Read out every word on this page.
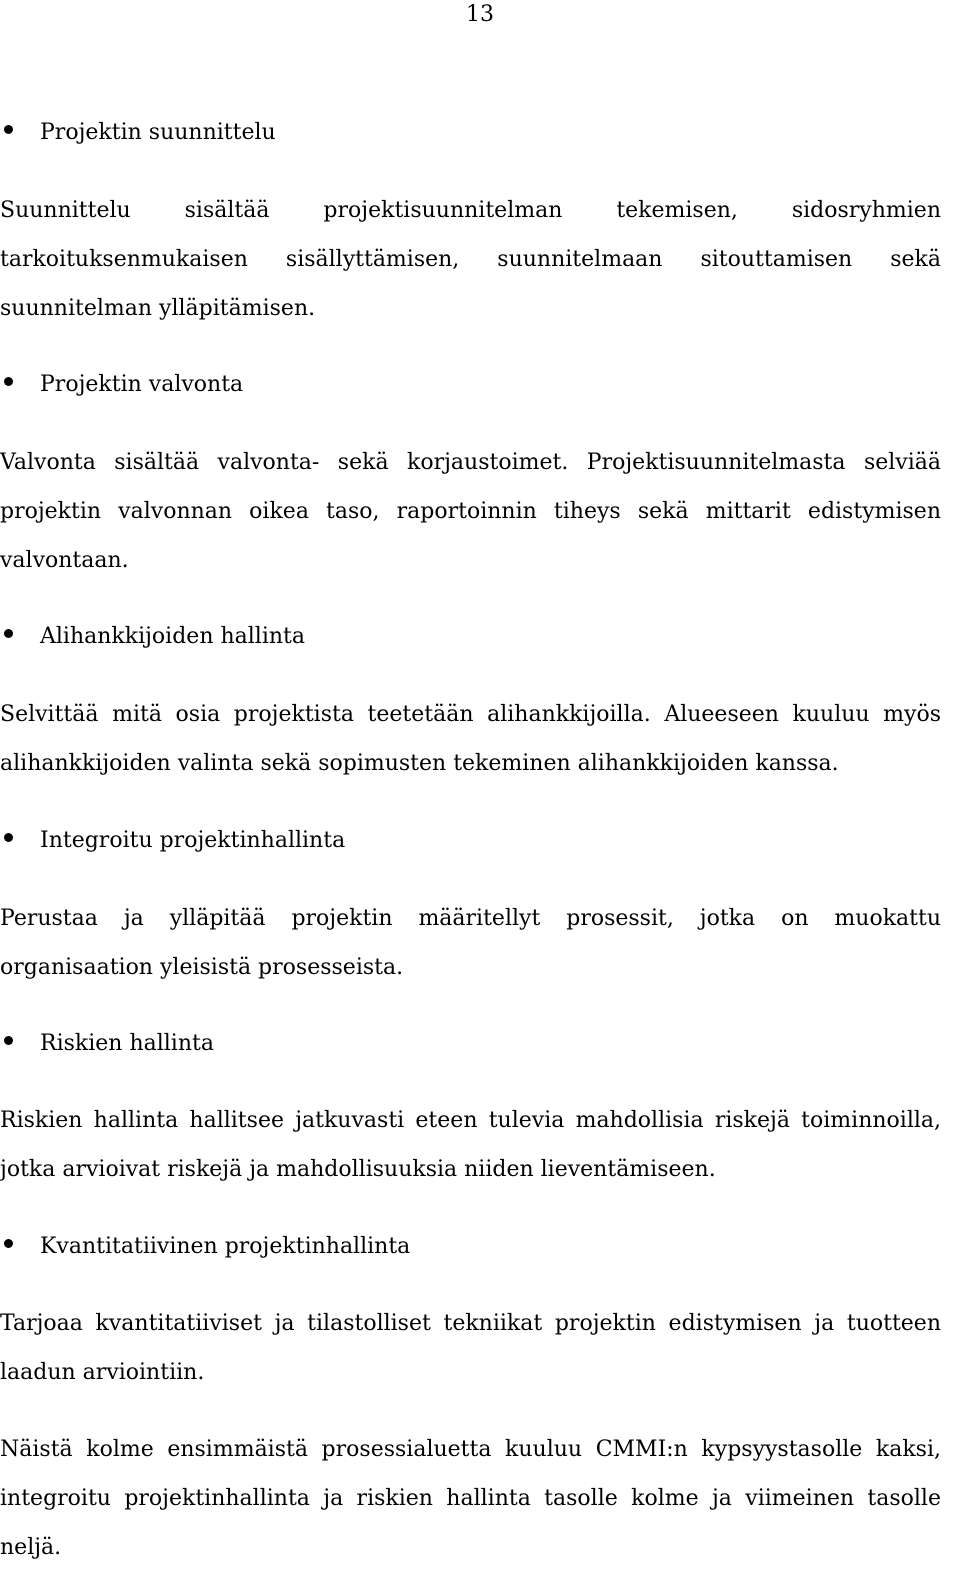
13
Projektin suunnittelu
Suunnittelu sisältää projektisuunnitelman tekemisen, sidosryhmien tarkoituksenmukaisen sisällyttämisen, suunnitelmaan sitouttamisen sekä suunnitelman ylläpitämisen.
Projektin valvonta
Valvonta sisältää valvonta- sekä korjaustoimet. Projektisuunnitelmasta selviää projektin valvonnan oikea taso, raportoinnin tiheys sekä mittarit edistymisen valvontaan.
Alihankkijoiden hallinta
Selvittää mitä osia projektista teetetään alihankkijoilla. Alueeseen kuuluu myös alihankkijoiden valinta sekä sopimusten tekeminen alihankkijoiden kanssa.
Integroitu projektinhallinta
Perustaa ja ylläpitää projektin määritellyt prosessit, jotka on muokattu organisaation yleisistä prosesseista.
Riskien hallinta
Riskien hallinta hallitsee jatkuvasti eteen tulevia mahdollisia riskejä toiminnoilla, jotka arvioivat riskejä ja mahdollisuuksia niiden lieventämiseen.
Kvantitatiivinen projektinhallinta
Tarjoaa kvantitatiiviset ja tilastolliset tekniikat projektin edistymisen ja tuotteen laadun arviointiin.
Näistä kolme ensimmäistä prosessialuetta kuuluu CMMI:n kypsyystasolle kaksi, integroitu projektinhallinta ja riskien hallinta tasolle kolme ja viimeinen tasolle neljä.
